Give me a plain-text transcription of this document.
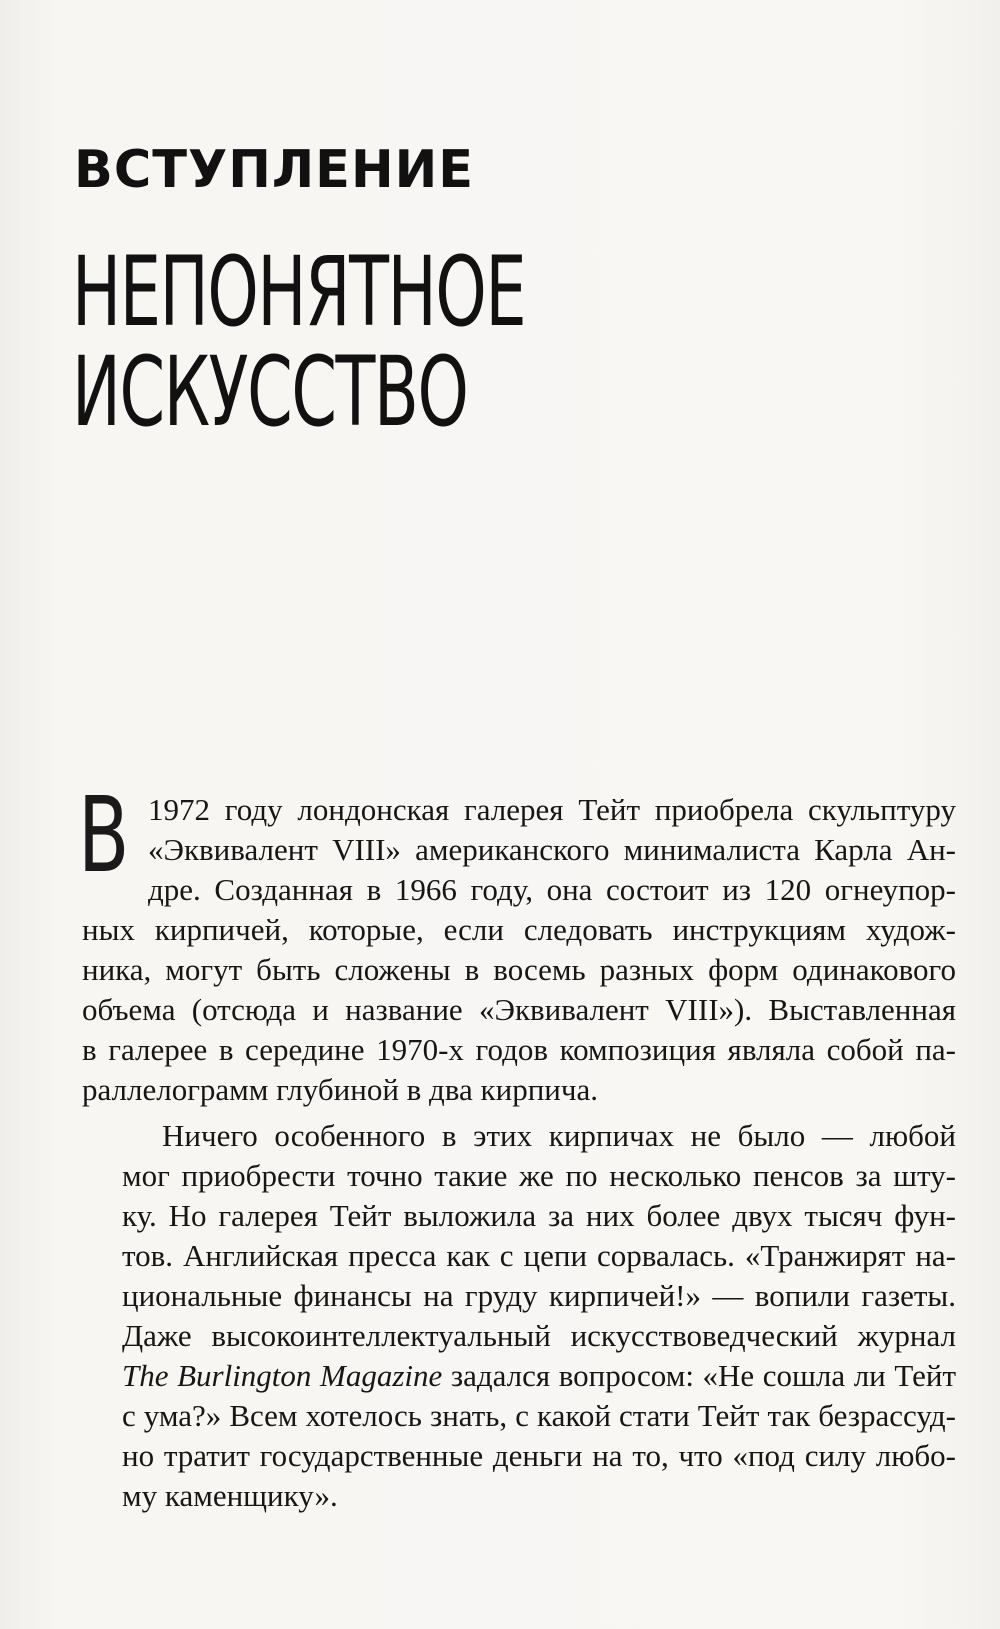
ВСТУПЛЕНИЕ
НЕПОНЯТНОЕ
ИСКУССТВО
В 1972 году лондонская галерея Тейт приобрела скульптуру
«Эквивалент VIII» американского минималиста Карла Ан-
дре. Созданная в 1966 году, она состоит из 120 огнеупор-
ных кирпичей, которые, если следовать инструкциям худож-
ника, могут быть сложены в восемь разных форм одинакового
объема (отсюда и название «Эквивалент VIII»). Выставленная
в галерее в середине 1970-х годов композиция являла собой па-
раллелограмм глубиной в два кирпича.
Ничего особенного в этих кирпичах не было — любой
мог приобрести точно такие же по несколько пенсов за шту-
ку. Но галерея Тейт выложила за них более двух тысяч фун-
тов. Английская пресса как с цепи сорвалась. «Транжирят на-
циональные финансы на груду кирпичей!» — вопили газеты.
Даже высокоинтеллектуальный искусствоведческий журнал
The Burlington Magazine задался вопросом: «Не сошла ли Тейт
с ума?» Всем хотелось знать, с какой стати Тейт так безрассуд-
но тратит государственные деньги на то, что «под силу любо-
му каменщику».
